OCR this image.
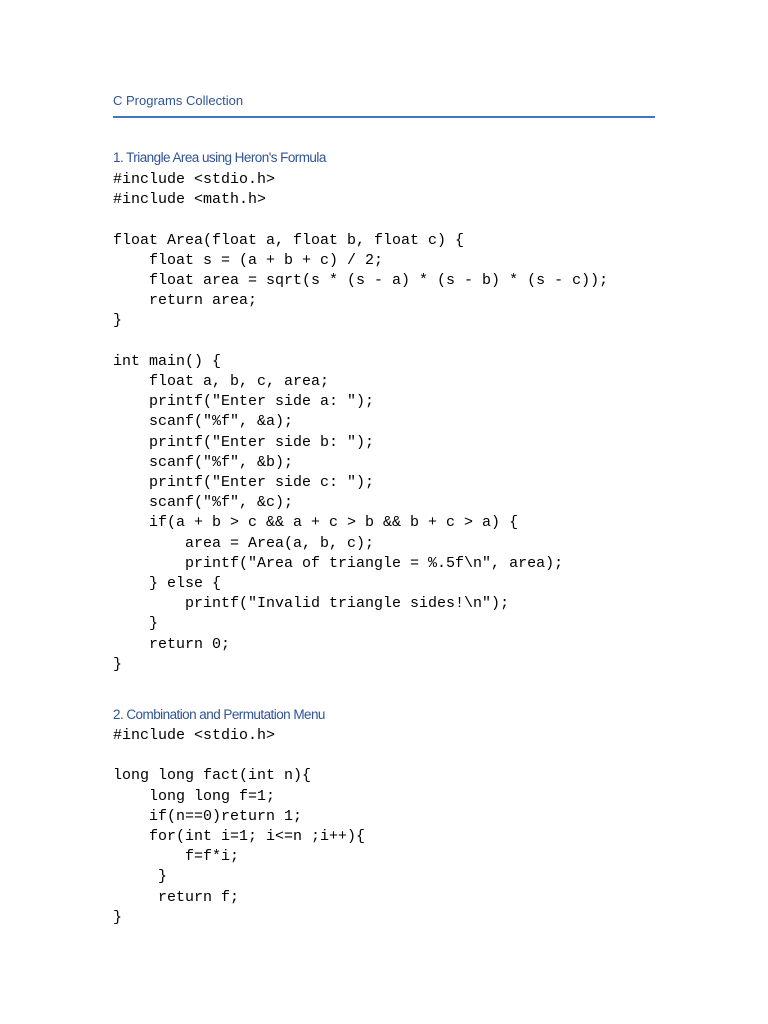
C Programs Collection
1. Triangle Area using Heron's Formula
#include <stdio.h>
#include <math.h>

float Area(float a, float b, float c) {
float s = (a + b + c) / 2;
float area = sqrt(s * (s - a) * (s - b) * (s - c));
return area;
}

int main() {
float a, b, c, area;
printf("Enter side a: ");
scanf("%f", &a);
printf("Enter side b: ");
scanf("%f", &b);
printf("Enter side c: ");
scanf("%f", &c);
if(a + b > c && a + c > b && b + c > a) {
area = Area(a, b, c);
printf("Area of triangle = %.5f\n", area);
} else {
printf("Invalid triangle sides!\n");
}
return 0;
}
2. Combination and Permutation Menu
#include <stdio.h>

long long fact(int n){
long long f=1;
if(n==0)return 1;
for(int i=1; i<=n ;i++){
f=f*i;
}
return f;
}
